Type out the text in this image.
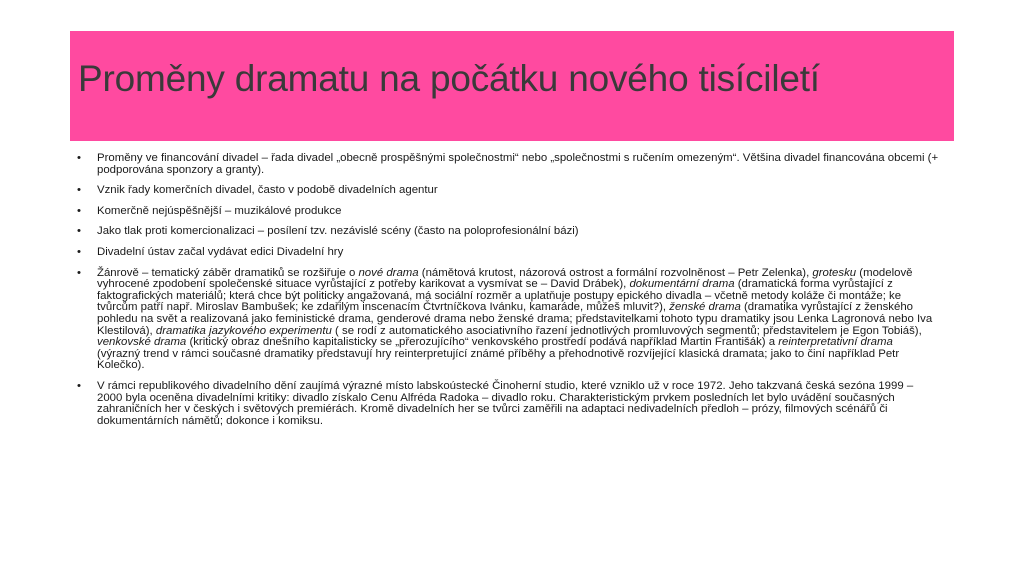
Proměny dramatu na počátku nového tisíciletí
• Proměny ve financování divadel – řada divadel „obecně prospěšnými společnostmi“ nebo „společnostmi s ručením omezeným“. Většina divadel financována obcemi (+ podporována sponzory a granty).
• Vznik řady komerčních divadel, často v podobě divadelních agentur
• Komerčně nejúspěšnější – muzikálové produkce
• Jako tlak proti komercionalizaci – posílení tzv. nezávislé scény (často na poloprofesionální bázi)
• Divadelní ústav začal vydávat edici Divadelní hry
• Žánrově – tematický záběr dramatiků se rozšiřuje o nové drama (námětová krutost, názorová ostrost a formální rozvolněnost – Petr Zelenka), grotesku (modelově vyhrocené zpodobení společenské situace vyrůstající z potřeby karikovat a vysmívat se – David Drábek), dokumentární drama (dramatická forma vyrůstající z faktografických materiálů; která chce být politicky angažovaná, má sociální rozměr a uplatňuje postupy epického divadla – včetně metody koláže či montáže; ke tvůrcům patří např. Miroslav Bambušek; ke zdařilým inscenacím Čtvrtníčkova Ivánku, kamaráde, můžeš mluvit?), ženské drama (dramatika vyrůstající z ženského pohledu na svět a realizovaná jako feministické drama, genderové drama nebo ženské drama; představitelkami tohoto typu dramatiky jsou Lenka Lagronová nebo Iva Klestilová), dramatika jazykového experimentu ( se rodí z automatického asociativního řazení jednotlivých promluvových segmentů; představitelem je Egon Tobiáš), venkovské drama (kritický obraz dnešního kapitalisticky se „přerozujícího“ venkovského prostředí podává například Martin Františák) a reinterpretativní drama (výrazný trend v rámci současné dramatiky představují hry reinterpretující známé příběhy a přehodnotivě rozvíjející klasická dramata; jako to činí například Petr Kolečko).
• V rámci republikového divadelního dění zaujímá výrazné místo labskoústecké Činoherní studio, které vzniklo už v roce 1972. Jeho takzvaná česká sezóna 1999 – 2000 byla oceněna divadelními kritiky: divadlo získalo Cenu Alfréda Radoka – divadlo roku. Charakteristickým prvkem posledních let bylo uvádění současných zahraničních her v českých i světových premiérách. Kromě divadelních her se tvůrci zaměřili na adaptaci nedivadelních předloh – prózy, filmových scénářů či dokumentárních námětů; dokonce i komiksu.
